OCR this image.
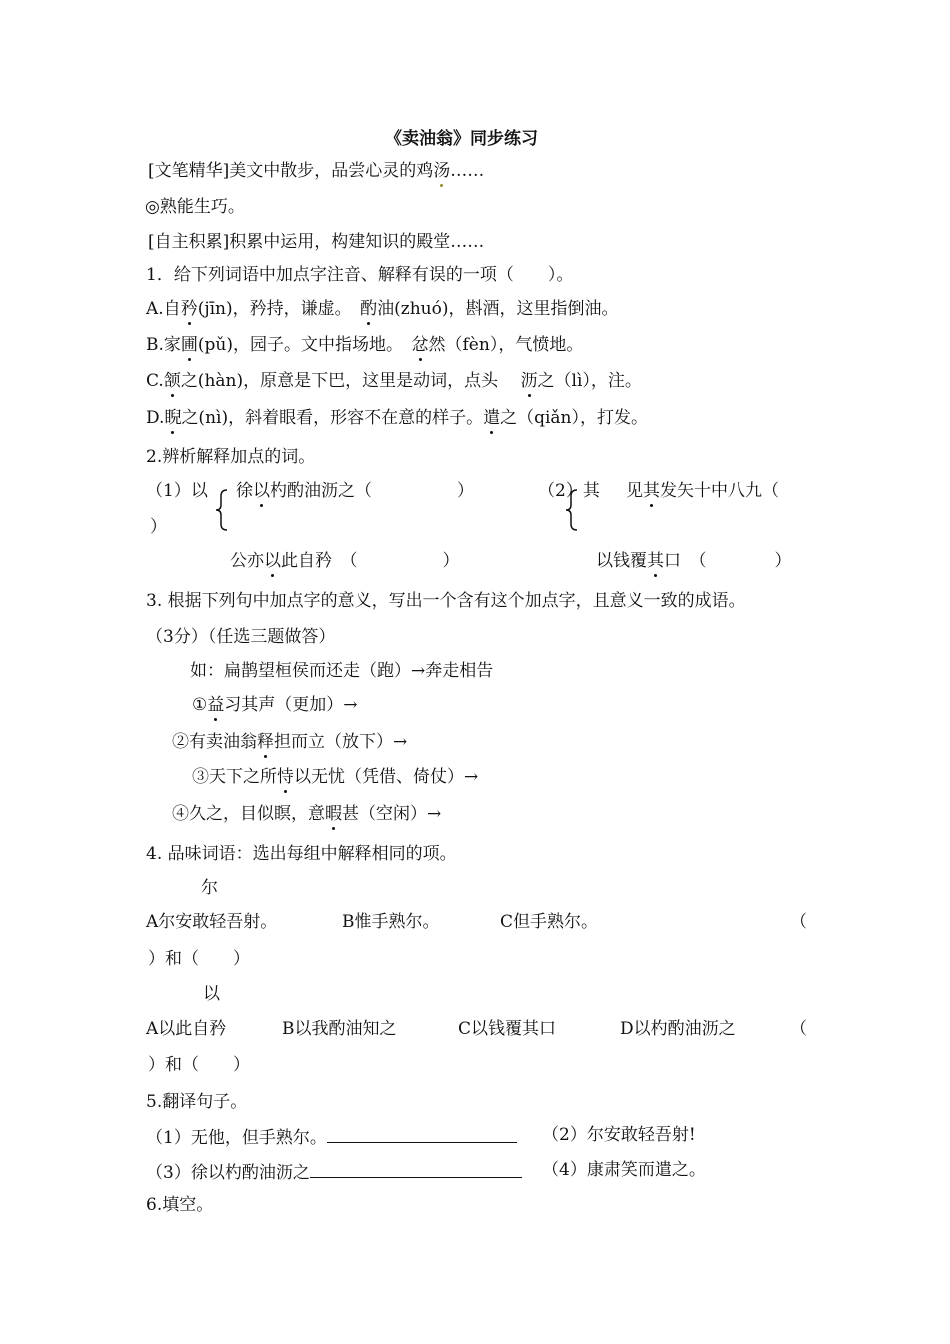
《卖油翁》同步练习
[文笔精华]美文中散步，品尝心灵的鸡汤……
◎熟能生巧。
[自主积累]积累中运用，构建知识的殿堂……
1．给下列词语中加点字注音、解释有误的一项（　　）。
A.自矜(jīn)，矜持，谦虚。　酌油(zhuó)，斟酒，这里指倒油。
B.家圃(pǔ)，园子。文中指场地。　忿然（fèn），气愤地。
C.颔之(hàn)，原意是下巴，这里是动词，点头　 沥之（lì），注。
D.睨之(nì)，斜着眼看，形容不在意的样子。遣之（qiǎn），打发。
2.辨析解释加点的词。
（1）以 徐以杓酌油沥之（　　　　　）	（2）其 见其发矢十中八九（
）
公亦以此自矜　（　　　　　）	以钱覆其口　（　　　　）
3. 根据下列句中加点字的意义，写出一个含有这个加点字，且意义一致的成语。
（3分）（任选三题做答）
如：扁鹊望桓侯而还走（跑）→奔走相告
①益习其声（更加）→
②有卖油翁释担而立（放下）→
③天下之所恃以无忧（凭借、倚仗）→
④久之，目似瞑，意暇甚（空闲）→
4. 品味词语：选出每组中解释相同的项。
尔
A尔安敢轻吾射。	B惟手熟尔。	C但手熟尔。	（
）和（　　）
以
A以此自矜	B以我酌油知之	C以钱覆其口	D以杓酌油沥之	（
）和（　　）
5.翻译句子。
（1）无他，但手熟尔。	（2）尔安敢轻吾射!
（3）徐以杓酌油沥之	（4）康肃笑而遣之。
6.填空。
